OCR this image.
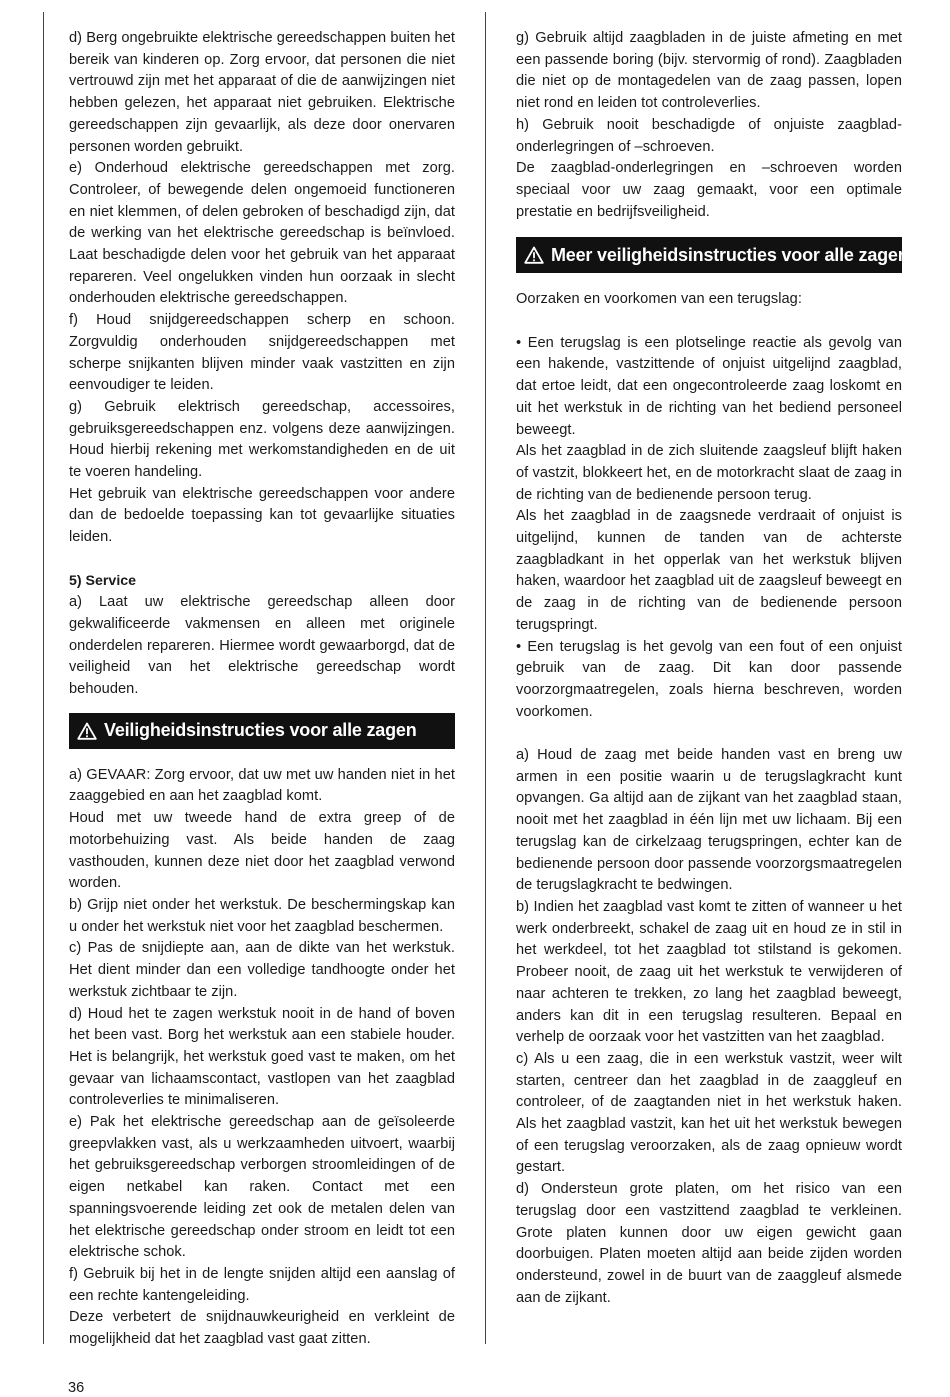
d) Berg ongebruikte elektrische gereedschappen buiten het bereik van kinderen op. Zorg ervoor, dat personen die niet vertrouwd zijn met het apparaat of die de aanwijzingen niet hebben gelezen, het apparaat niet gebruiken. Elektrische gereedschappen zijn gevaarlijk, als deze door onervaren personen worden gebruikt.
e) Onderhoud elektrische gereedschappen met zorg. Controleer, of bewegende delen ongemoeid functioneren en niet klemmen, of delen gebroken of beschadigd zijn, dat de werking van het elektrische gereedschap is beïnvloed. Laat beschadigde delen voor het gebruik van het apparaat repareren. Veel ongelukken vinden hun oorzaak in slecht onderhouden elektrische gereedschappen.
f) Houd snijdgereedschappen scherp en schoon. Zorgvuldig onderhouden snijdgereedschappen met scherpe snijkanten blijven minder vaak vastzitten en zijn eenvoudiger te leiden.
g) Gebruik elektrisch gereedschap, accessoires, gebruiksgereedschappen enz. volgens deze aanwijzingen. Houd hierbij rekening met werkomstandigheden en de uit te voeren handeling.
Het gebruik van elektrische gereedschappen voor andere dan de bedoelde toepassing kan tot gevaarlijke situaties leiden.

5) Service

a) Laat uw elektrische gereedschap alleen door gekwalificeerde vakmensen en alleen met originele onderdelen repareren. Hiermee wordt gewaarborgd, dat de veiligheid van het elektrische gereedschap wordt behouden.

Veiligheidsinstructies voor alle zagen

a) GEVAAR: Zorg ervoor, dat uw met uw handen niet in het zaaggebied en aan het zaagblad komt.
Houd met uw tweede hand de extra greep of de motorbehuizing vast. Als beide handen de zaag vasthouden, kunnen deze niet door het zaagblad verwond worden.
b) Grijp niet onder het werkstuk. De beschermingskap kan u onder het werkstuk niet voor het zaagblad beschermen.
c) Pas de snijdiepte aan, aan de dikte van het werkstuk. Het dient minder dan een volledige tandhoogte onder het werkstuk zichtbaar te zijn.
d) Houd het te zagen werkstuk nooit in de hand of boven het been vast. Borg het werkstuk aan een stabiele houder. Het is belangrijk, het werkstuk goed vast te maken, om het gevaar van lichaamscontact, vastlopen van het zaagblad controleverlies te minimaliseren.
e) Pak het elektrische gereedschap aan de geïsoleerde greepvlakken vast, als u werkzaamheden uitvoert, waarbij het gebruiksgereedschap verborgen stroomleidingen of de eigen netkabel kan raken. Contact met een spanningsvoerende leiding zet ook de metalen delen van het elektrische gereedschap onder stroom en leidt tot een elektrische schok.
f) Gebruik bij het in de lengte snijden altijd een aanslag of een rechte kantengeleiding.
Deze verbetert de snijdnauwkeurigheid en verkleint de mogelijkheid dat het zaagblad vast gaat zitten.

g) Gebruik altijd zaagbladen in de juiste afmeting en met een passende boring (bijv. stervormig of rond). Zaagbladen die niet op de montagedelen van de zaag passen, lopen niet rond en leiden tot controleverlies.
h) Gebruik nooit beschadigde of onjuiste zaagblad-onderlegringen of –schroeven.
De zaagblad-onderlegringen en –schroeven worden speciaal voor uw zaag gemaakt, voor een optimale prestatie en bedrijfsveiligheid.

Meer veiligheidsinstructies voor alle zagen

Oorzaken en voorkomen van een terugslag:

• Een terugslag is een plotselinge reactie als gevolg van een hakende, vastzittende of onjuist uitgelijnd zaagblad, dat ertoe leidt, dat een ongecontroleerde zaag loskomt en uit het werkstuk in de richting van het bediend personeel beweegt.
Als het zaagblad in de zich sluitende zaagsleuf blijft haken of vastzit, blokkeert het, en de motorkracht slaat de zaag in de richting van de bedienende persoon terug.
Als het zaagblad in de zaagsnede verdraait of onjuist is uitgelijnd, kunnen de tanden van de achterste zaagbladkant in het opperlak van het werkstuk blijven haken, waardoor het zaagblad uit de zaagsleuf beweegt en de zaag in de richting van de bedienende persoon terugspringt.
• Een terugslag is het gevolg van een fout of een onjuist gebruik van de zaag. Dit kan door passende voorzorgmaatregelen, zoals hierna beschreven, worden voorkomen.

a) Houd de zaag met beide handen vast en breng uw armen in een positie waarin u de terugslagkracht kunt opvangen. Ga altijd aan de zijkant van het zaagblad staan, nooit met het zaagblad in één lijn met uw lichaam. Bij een terugslag kan de cirkelzaag terugspringen, echter kan de bedienende persoon door passende voorzorgsmaatregelen de terugslagkracht te bedwingen.
b) Indien het zaagblad vast komt te zitten of wanneer u het werk onderbreekt, schakel de zaag uit en houd ze in stil in het werkdeel, tot het zaagblad tot stilstand is gekomen. Probeer nooit, de zaag uit het werkstuk te verwijderen of naar achteren te trekken, zo lang het zaagblad beweegt, anders kan dit in een terugslag resulteren. Bepaal en verhelp de oorzaak voor het vastzitten van het zaagblad.
c) Als u een zaag, die in een werkstuk vastzit, weer wilt starten, centreer dan het zaagblad in de zaaggleuf en controleer, of de zaagtanden niet in het werkstuk haken. Als het zaagblad vastzit, kan het uit het werkstuk bewegen of een terugslag veroorzaken, als de zaag opnieuw wordt gestart.
d) Ondersteun grote platen, om het risico van een terugslag door een vastzittend zaagblad te verkleinen. Grote platen kunnen door uw eigen gewicht gaan doorbuigen. Platen moeten altijd aan beide zijden worden ondersteund, zowel in de buurt van de zaaggleuf alsmede aan de zijkant.

36
